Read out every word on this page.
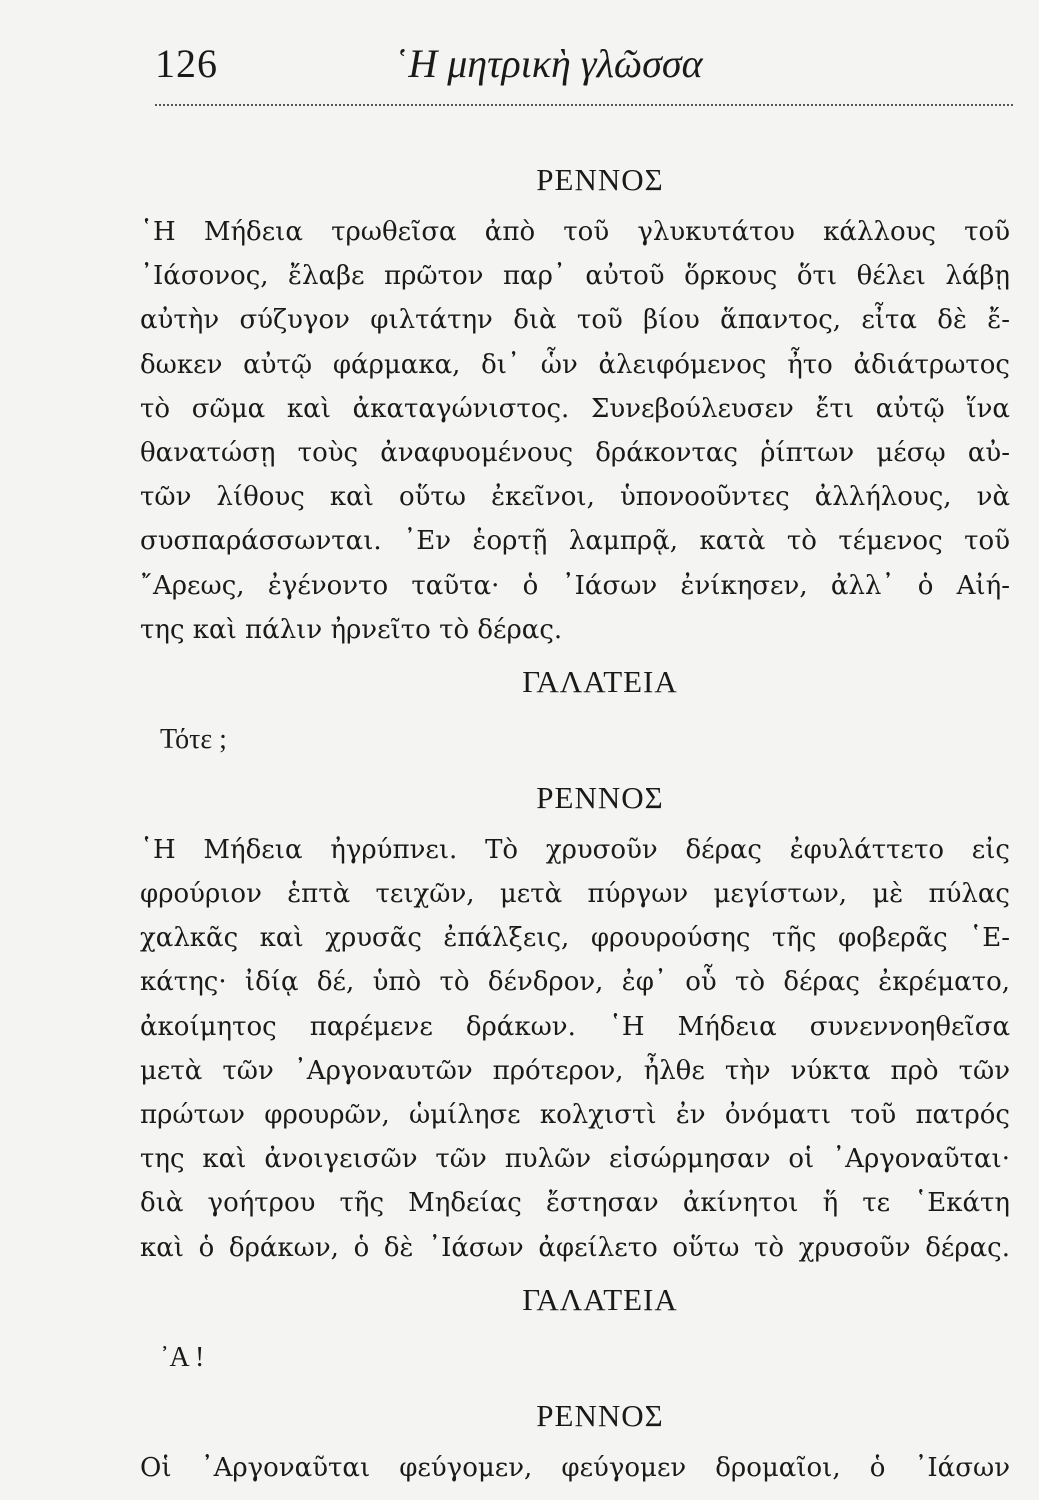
126	῾Η μητρικὴ γλῶσσα
ΡΕΝΝΟΣ
῾Η Μήδεια τρωθεῖσα ἀπὸ τοῦ γλυκυτάτου κάλλους τοῦ
᾿Ιάσονος, ἔλαβε πρῶτον παρ᾿ αὐτοῦ ὅρκους ὅτι θέλει λάβῃ
αὐτὴν σύζυγον φιλτάτην διὰ τοῦ βίου ἅπαντος, εἶτα δὲ ἔ-
δωκεν αὐτῷ φάρμακα, δι᾿ ὧν ἀλειφόμενος ἦτο ἀδιάτρωτος
τὸ σῶμα καὶ ἀκαταγώνιστος. Συνεβούλευσεν ἔτι αὐτῷ ἵνα
θανατώσῃ τοὺς ἀναφυομένους δράκοντας ῥίπτων μέσῳ αὐ-
τῶν λίθους καὶ οὕτω ἐκεῖνοι, ὑπονοοῦντες ἀλλήλους, νὰ
συσπαράσσωνται. ᾿Εν ἑορτῇ λαμπρᾷ, κατὰ τὸ τέμενος τοῦ
῎Αρεως, ἐγένοντο ταῦτα· ὁ ᾿Ιάσων ἐνίκησεν, ἀλλ᾿ ὁ Αἰή-
της καὶ πάλιν ἠρνεῖτο τὸ δέρας.
ΓΑΛΑΤΕΙΑ
Τότε ;
ΡΕΝΝΟΣ
῾Η Μήδεια ἠγρύπνει. Τὸ χρυσοῦν δέρας ἐφυλάττετο εἰς
φρούριον ἑπτὰ τειχῶν, μετὰ πύργων μεγίστων, μὲ πύλας
χαλκᾶς καὶ χρυσᾶς ἐπάλξεις, φρουρούσης τῆς φοβερᾶς ῾Ε-
κάτης· ἰδίᾳ δέ, ὑπὸ τὸ δένδρον, ἐφ᾿ οὗ τὸ δέρας ἐκρέματο,
ἀκοίμητος παρέμενε δράκων. ῾Η Μήδεια συνεννοηθεῖσα
μετὰ τῶν ᾿Αργοναυτῶν πρότερον, ἦλθε τὴν νύκτα πρὸ τῶν
πρώτων φρουρῶν, ὡμίλησε κολχιστὶ ἐν ὀνόματι τοῦ πατρός
της καὶ ἀνοιγεισῶν τῶν πυλῶν εἰσώρμησαν οἱ ᾿Αργοναῦται·
διὰ γοήτρου τῆς Μηδείας ἔστησαν ἀκίνητοι ἥ τε ῾Εκάτη
καὶ ὁ δράκων, ὁ δὲ ᾿Ιάσων ἀφείλετο οὕτω τὸ χρυσοῦν δέρας.
ΓΑΛΑΤΕΙΑ
᾿Α !
ΡΕΝΝΟΣ
Οἱ ᾿Αργοναῦται φεύγομεν, φεύγομεν δρομαῖοι, ὁ ᾿Ιάσων
